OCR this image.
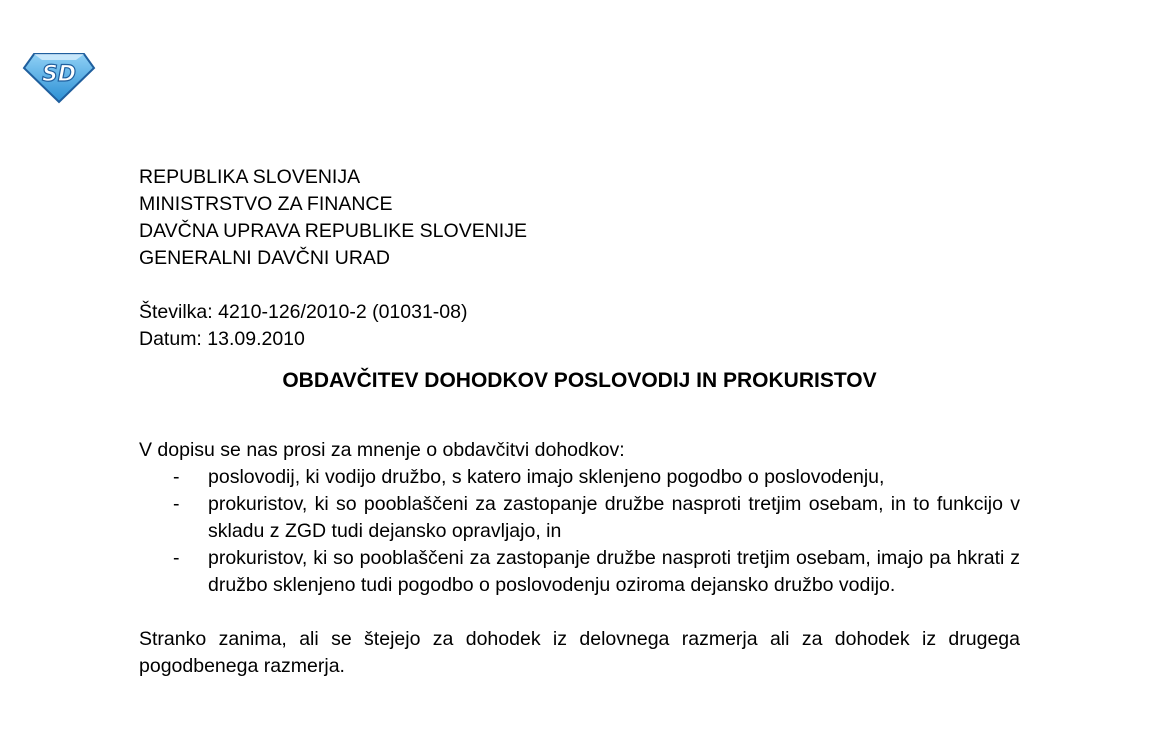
SD
REPUBLIKA SLOVENIJA
MINISTRSTVO ZA FINANCE
DAVČNA UPRAVA REPUBLIKE SLOVENIJE
GENERALNI DAVČNI URAD
Številka: 4210-126/2010-2 (01031-08)
Datum: 13.09.2010
OBDAVČITEV DOHODKOV POSLOVODIJ IN PROKURISTOV
V dopisu se nas prosi za mnenje o obdavčitvi dohodkov:
- poslovodij, ki vodijo družbo, s katero imajo sklenjeno pogodbo o poslovodenju,
- prokuristov, ki so pooblaščeni za zastopanje družbe nasproti tretjim osebam, in to funkcijo v skladu z ZGD tudi dejansko opravljajo, in
- prokuristov, ki so pooblaščeni za zastopanje družbe nasproti tretjim osebam, imajo pa hkrati z družbo sklenjeno tudi pogodbo o poslovodenju oziroma dejansko družbo vodijo.
Stranko zanima, ali se štejejo za dohodek iz delovnega razmerja ali za dohodek iz drugega pogodbenega razmerja.
